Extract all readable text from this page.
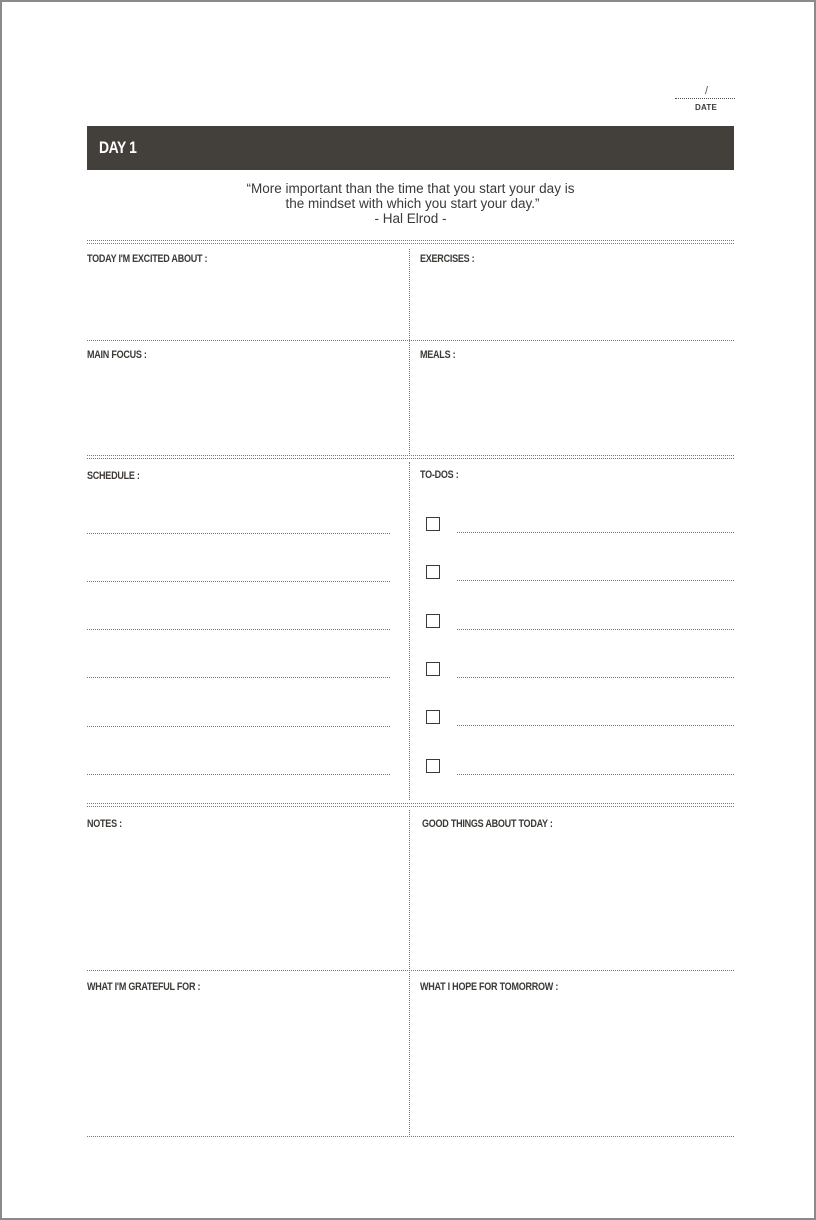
/
DATE
DAY 1
“More important than the time that you start your day is
the mindset with which you start your day.”
- Hal Elrod -
TODAY I'M EXCITED ABOUT :	EXERCISES :
MAIN FOCUS :	MEALS :
SCHEDULE :	TO-DOS :
NOTES :	GOOD THINGS ABOUT TODAY :
WHAT I'M GRATEFUL FOR :	WHAT I HOPE FOR TOMORROW :
